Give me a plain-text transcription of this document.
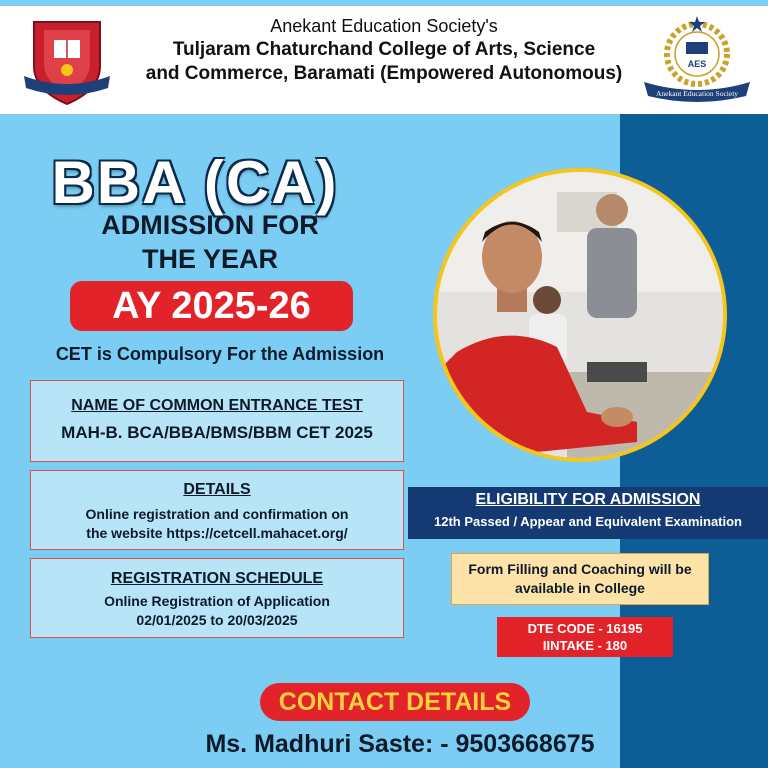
Anekant Education Society's
Tuljaram Chaturchand College of Arts, Science
and Commerce, Baramati (Empowered Autonomous)	AES
Anekant Education Society
BBA (CA)
ADMISSION FOR
THE YEAR
AY 2025-26
CET is Compulsory For the Admission
NAME OF COMMON ENTRANCE TEST
MAH-B. BCA/BBA/BMS/BBM CET 2025
DETAILS
Online registration and confirmation on
the website https://cetcell.mahacet.org/
REGISTRATION SCHEDULE
Online Registration of Application
02/01/2025 to 20/03/2025
ELIGIBILITY FOR ADMISSION
12th Passed / Appear and Equivalent Examination
Form Filling and Coaching will be
available in College
DTE CODE - 16195
IINTAKE - 180
CONTACT DETAILS
Ms. Madhuri Saste: - 9503668675
